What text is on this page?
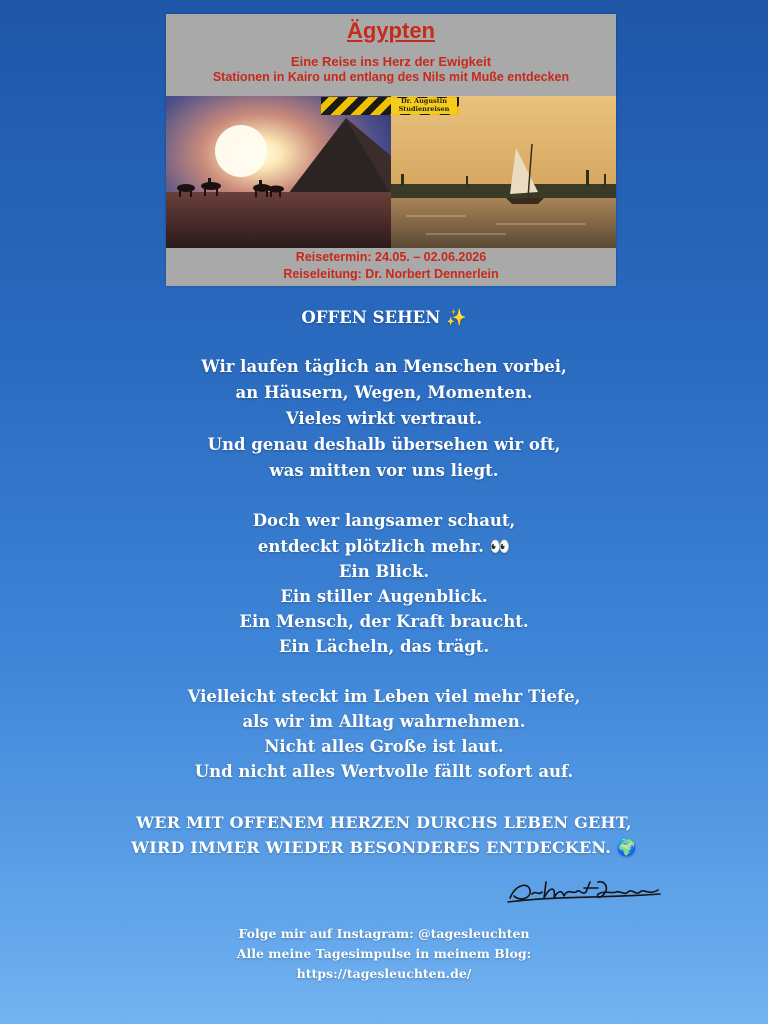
Ägypten
Eine Reise ins Herz der Ewigkeit
Stationen in Kairo und entlang des Nils mit Muße entdecken
Dr. Augustin
Studienreisen
Reisetermin: 24.05. – 02.06.2026
Reiseleitung: Dr. Norbert Dennerlein
OFFEN SEHEN ✨
Wir laufen täglich an Menschen vorbei,
an Häusern, Wegen, Momenten.
Vieles wirkt vertraut.
Und genau deshalb übersehen wir oft,
was mitten vor uns liegt.
Doch wer langsamer schaut,
entdeckt plötzlich mehr. 👀
Ein Blick.
Ein stiller Augenblick.
Ein Mensch, der Kraft braucht.
Ein Lächeln, das trägt.
Vielleicht steckt im Leben viel mehr Tiefe,
als wir im Alltag wahrnehmen.
Nicht alles Große ist laut.
Und nicht alles Wertvolle fällt sofort auf.
WER MIT OFFENEM HERZEN DURCHS LEBEN GEHT,
WIRD IMMER WIEDER BESONDERES ENTDECKEN. 🌍
Folge mir auf Instagram: @tagesleuchten
Alle meine Tagesimpulse in meinem Blog:
https://tagesleuchten.de/
